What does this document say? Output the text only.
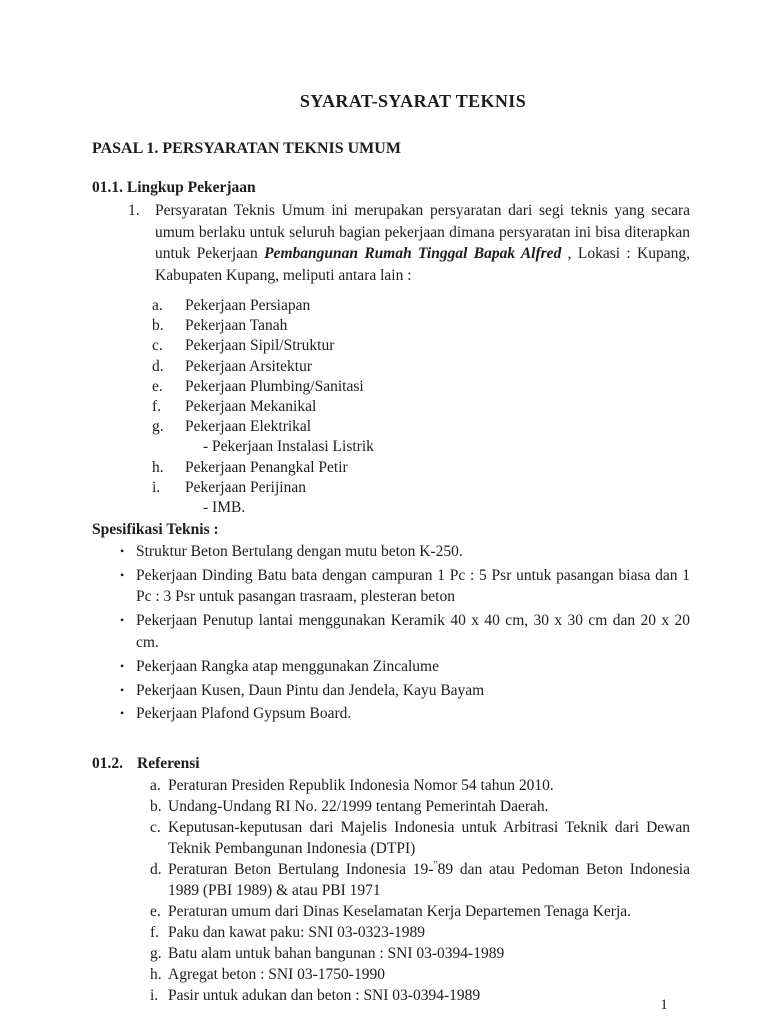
SYARAT-SYARAT TEKNIS
PASAL 1. PERSYARATAN TEKNIS UMUM
01.1. Lingkup Pekerjaan
1. Persyaratan Teknis Umum ini merupakan persyaratan dari segi teknis yang secara umum berlaku untuk seluruh bagian pekerjaan dimana persyaratan ini bisa diterapkan untuk Pekerjaan Pembangunan Rumah Tinggal Bapak Alfred , Lokasi : Kupang, Kabupaten Kupang, meliputi antara lain :
a. Pekerjaan Persiapan
b. Pekerjaan Tanah
c. Pekerjaan Sipil/Struktur
d. Pekerjaan Arsitektur
e. Pekerjaan Plumbing/Sanitasi
f. Pekerjaan Mekanikal
g. Pekerjaan Elektrikal
- Pekerjaan Instalasi Listrik
h. Pekerjaan Penangkal Petir
i. Pekerjaan Perijinan
- IMB.
Spesifikasi Teknis :
• Struktur Beton Bertulang dengan mutu beton K-250.
• Pekerjaan Dinding Batu bata dengan campuran 1 Pc : 5 Psr untuk pasangan biasa dan 1 Pc : 3 Psr untuk pasangan trasraam, plesteran beton
• Pekerjaan Penutup lantai menggunakan Keramik 40 x 40 cm, 30 x 30 cm dan 20 x 20 cm.
• Pekerjaan Rangka atap menggunakan Zincalume
• Pekerjaan Kusen, Daun Pintu dan Jendela, Kayu Bayam
• Pekerjaan Plafond Gypsum Board.
01.2. Referensi
a. Peraturan Presiden Republik Indonesia Nomor 54 tahun 2010.
b. Undang-Undang RI No. 22/1999 tentang Pemerintah Daerah.
c. Keputusan-keputusan dari Majelis Indonesia untuk Arbitrasi Teknik dari Dewan Teknik Pembangunan Indonesia (DTPI)
d. Peraturan Beton Bertulang Indonesia 19-"89 dan atau Pedoman Beton Indonesia 1989 (PBI 1989) & atau PBI 1971
e. Peraturan umum dari Dinas Keselamatan Kerja Departemen Tenaga Kerja.
f. Paku dan kawat paku: SNI 03-0323-1989
g. Batu alam untuk bahan bangunan : SNI 03-0394-1989
h. Agregat beton : SNI 03-1750-1990
i. Pasir untuk adukan dan beton : SNI 03-0394-1989
1
